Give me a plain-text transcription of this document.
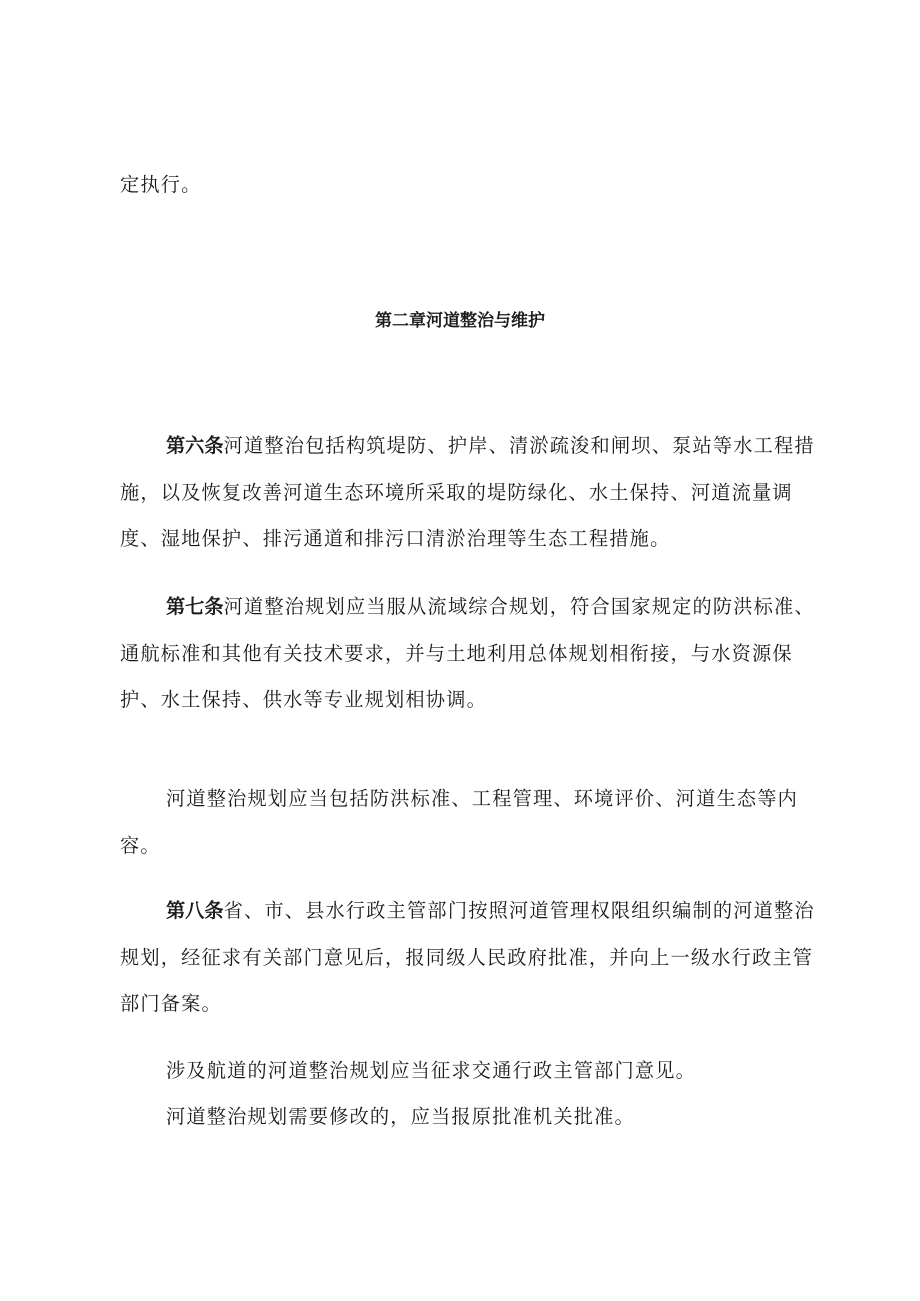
定执行。

第二章河道整治与维护

第六条河道整治包括构筑堤防、护岸、清淤疏浚和闸坝、泵站等水工程措施，以及恢复改善河道生态环境所采取的堤防绿化、水土保持、河道流量调度、湿地保护、排污通道和排污口清淤治理等生态工程措施。

第七条河道整治规划应当服从流域综合规划，符合国家规定的防洪标准、通航标准和其他有关技术要求，并与土地利用总体规划相衔接，与水资源保护、水土保持、供水等专业规划相协调。

河道整治规划应当包括防洪标准、工程管理、环境评价、河道生态等内容。

第八条省、市、县水行政主管部门按照河道管理权限组织编制的河道整治规划，经征求有关部门意见后，报同级人民政府批准，并向上一级水行政主管部门备案。

涉及航道的河道整治规划应当征求交通行政主管部门意见。

河道整治规划需要修改的，应当报原批准机关批准。
